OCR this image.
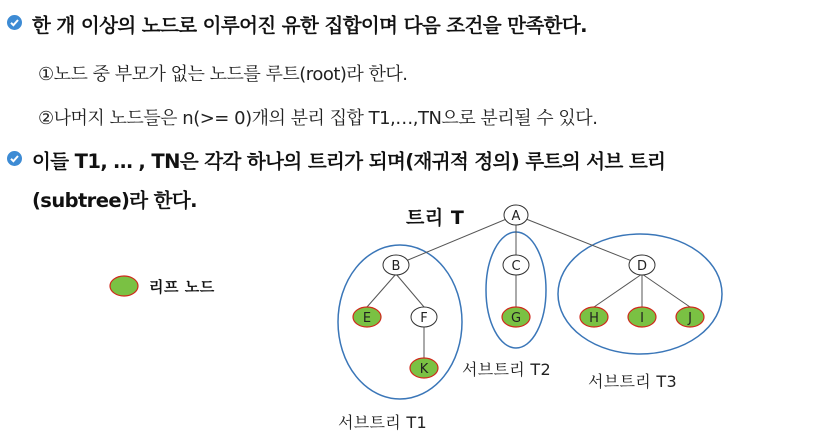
한 개 이상의 노드로 이루어진 유한 집합이며 다음 조건을 만족한다.
①노드 중 부모가 없는 노드를 루트(root)라 한다.
②나머지 노드들은 n(>= 0)개의 분리 집합 T1,…,TN으로 분리될 수 있다.
이들 T1, … , TN은 각각 하나의 트리가 되며(재귀적 정의) 루트의 서브 트리
(subtree)라 한다.
A
B	C	D
F
E
K
G	H	I	J
리프 노드
트리 T
서브트리 T2
서브트리 T3
서브트리 T1
